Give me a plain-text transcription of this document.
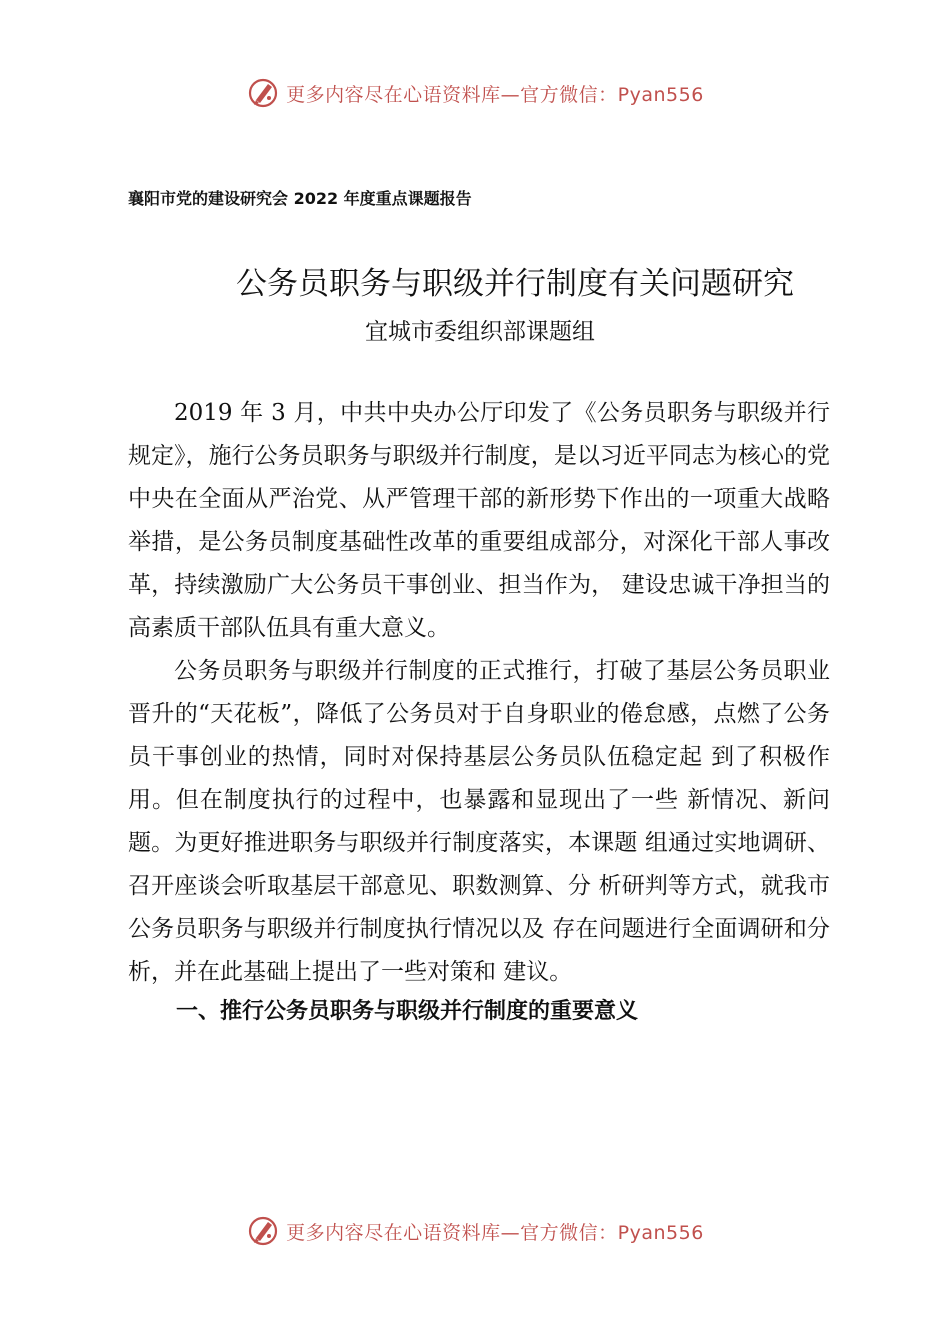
更多内容尽在心语资料库—官方微信：Pyan556
襄阳市党的建设研究会 2022 年度重点课题报告
公务员职务与职级并行制度有关问题研究
宜城市委组织部课题组

2019 年 3 月，中共中央办公厅印发了《公务员职务与职级并行规定》，施行公务员职务与职级并行制度，是以习近平同志为核心的党中央在全面从严治党、从严管理干部的新形势下作出的一项重大战略举措，是公务员制度基础性改革的重要组成部分，对深化干部人事改革，持续激励广大公务员干事创业、担当作为， 建设忠诚干净担当的高素质干部队伍具有重大意义。

公务员职务与职级并行制度的正式推行，打破了基层公务员职业晋升的“天花板”，降低了公务员对于自身职业的倦怠感，点燃了公务员干事创业的热情，同时对保持基层公务员队伍稳定起 到了积极作用。但在制度执行的过程中，也暴露和显现出了一些 新情况、新问题。为更好推进职务与职级并行制度落实，本课题 组通过实地调研、召开座谈会听取基层干部意见、职数测算、分 析研判等方式，就我市公务员职务与职级并行制度执行情况以及 存在问题进行全面调研和分析，并在此基础上提出了一些对策和 建议。

一、推行公务员职务与职级并行制度的重要意义
更多内容尽在心语资料库—官方微信：Pyan556
